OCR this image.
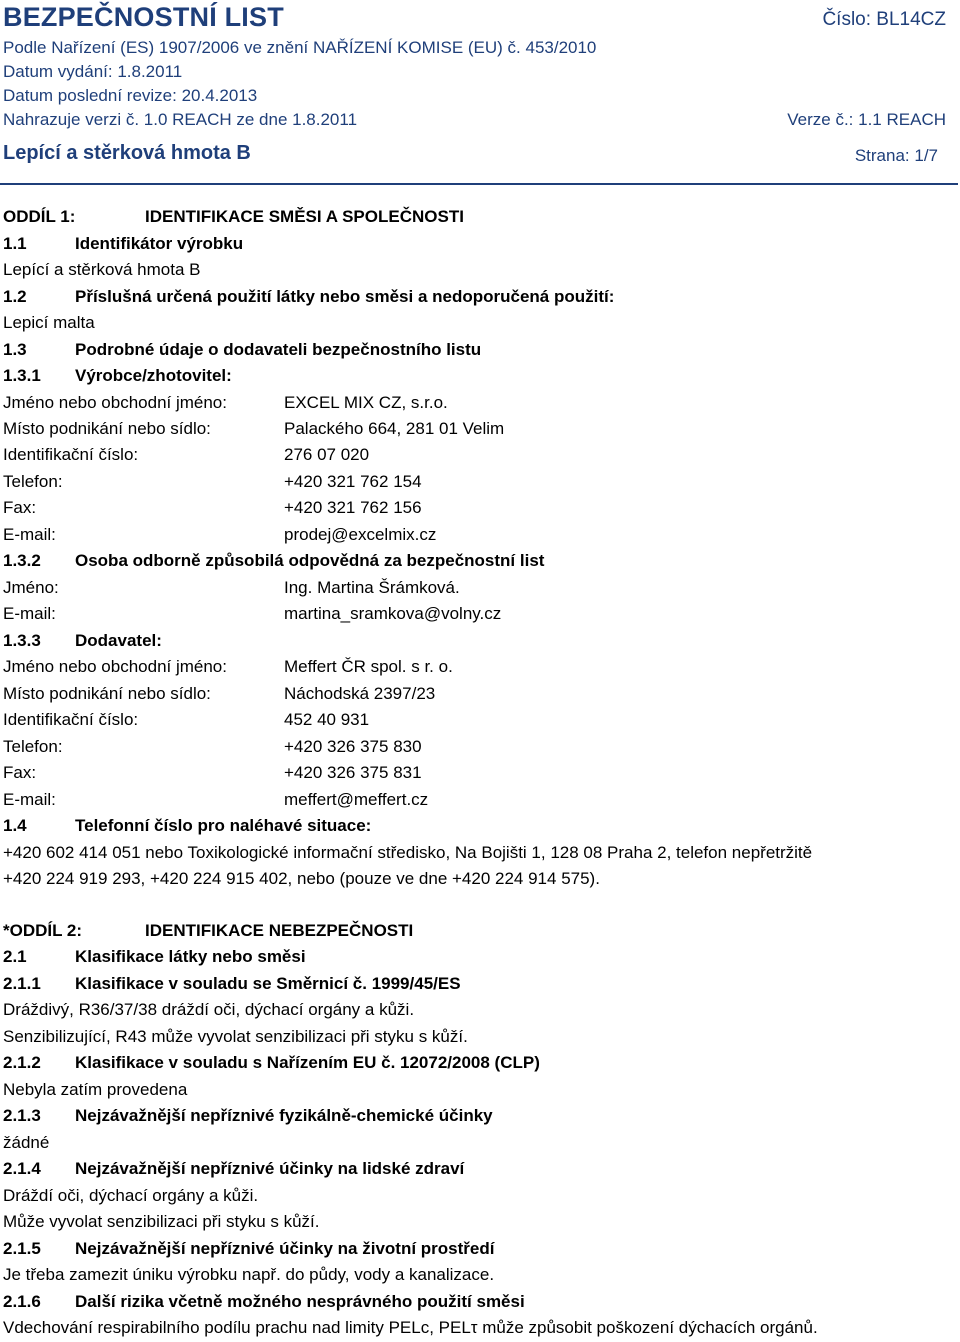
BEZPEČNOSTNÍ LIST	Číslo: BL14CZ
Podle Nařízení (ES) 1907/2006 ve znění NAŘÍZENÍ KOMISE (EU) č. 453/2010
Datum vydání: 1.8.2011
Datum poslední revize: 20.4.2013
Nahrazuje verzi č. 1.0 REACH ze dne 1.8.2011	Verze č.: 1.1 REACH
Lepící a stěrková hmota B	Strana: 1/7
ODDÍL 1:	IDENTIFIKACE SMĚSI A SPOLEČNOSTI
1.1	Identifikátor výrobku
Lepící a stěrková hmota B
1.2	Příslušná určená použití látky nebo směsi a nedoporučená použití:
Lepicí malta
1.3	Podrobné údaje o dodavateli bezpečnostního listu
1.3.1 Výrobce/zhotovitel:
Jméno nebo obchodní jméno:	EXCEL MIX CZ, s.r.o.
Místo podnikání nebo sídlo:	Palackého 664, 281 01 Velim
Identifikační číslo:	276 07 020
Telefon:	+420 321 762 154
Fax:	+420 321 762 156
E-mail:	prodej@excelmix.cz
1.3.2 Osoba odborně způsobilá odpovědná za bezpečnostní list
Jméno:	Ing. Martina Šrámková.
E-mail:	martina_sramkova@volny.cz
1.3.3 Dodavatel:
Jméno nebo obchodní jméno:	Meffert ČR spol. s r. o.
Místo podnikání nebo sídlo:	Náchodská 2397/23
Identifikační číslo:	452 40 931
Telefon:	+420 326 375 830
Fax:	+420 326 375 831
E-mail:	meffert@meffert.cz
1.4	Telefonní číslo pro naléhavé situace:
+420 602 414 051 nebo Toxikologické informační středisko, Na Bojišti 1, 128 08 Praha 2, telefon nepřetržitě
+420 224 919 293, +420 224 915 402, nebo (pouze ve dne +420 224 914 575).
*ODDÍL 2:	IDENTIFIKACE NEBEZPEČNOSTI
2.1	Klasifikace látky nebo směsi
2.1.1 Klasifikace v souladu se Směrnicí č. 1999/45/ES
Dráždivý, R36/37/38 dráždí oči, dýchací orgány a kůži.
Senzibilizující, R43 může vyvolat senzibilizaci při styku s kůží.
2.1.2 Klasifikace v souladu s Nařízením EU č. 12072/2008 (CLP)
Nebyla zatím provedena
2.1.3 Nejzávažnější nepříznivé fyzikálně-chemické účinky
žádné
2.1.4 Nejzávažnější nepříznivé účinky na lidské zdraví
Dráždí oči, dýchací orgány a kůži.
Může vyvolat senzibilizaci při styku s kůží.
2.1.5 Nejzávažnější nepříznivé účinky na životní prostředí
Je třeba zamezit úniku výrobku např. do půdy, vody a kanalizace.
2.1.6 Další rizika včetně možného nesprávného použití směsi
Vdechování respirabilního podílu prachu nad limity PELc, PELτ může způsobit poškození dýchacích orgánů.
